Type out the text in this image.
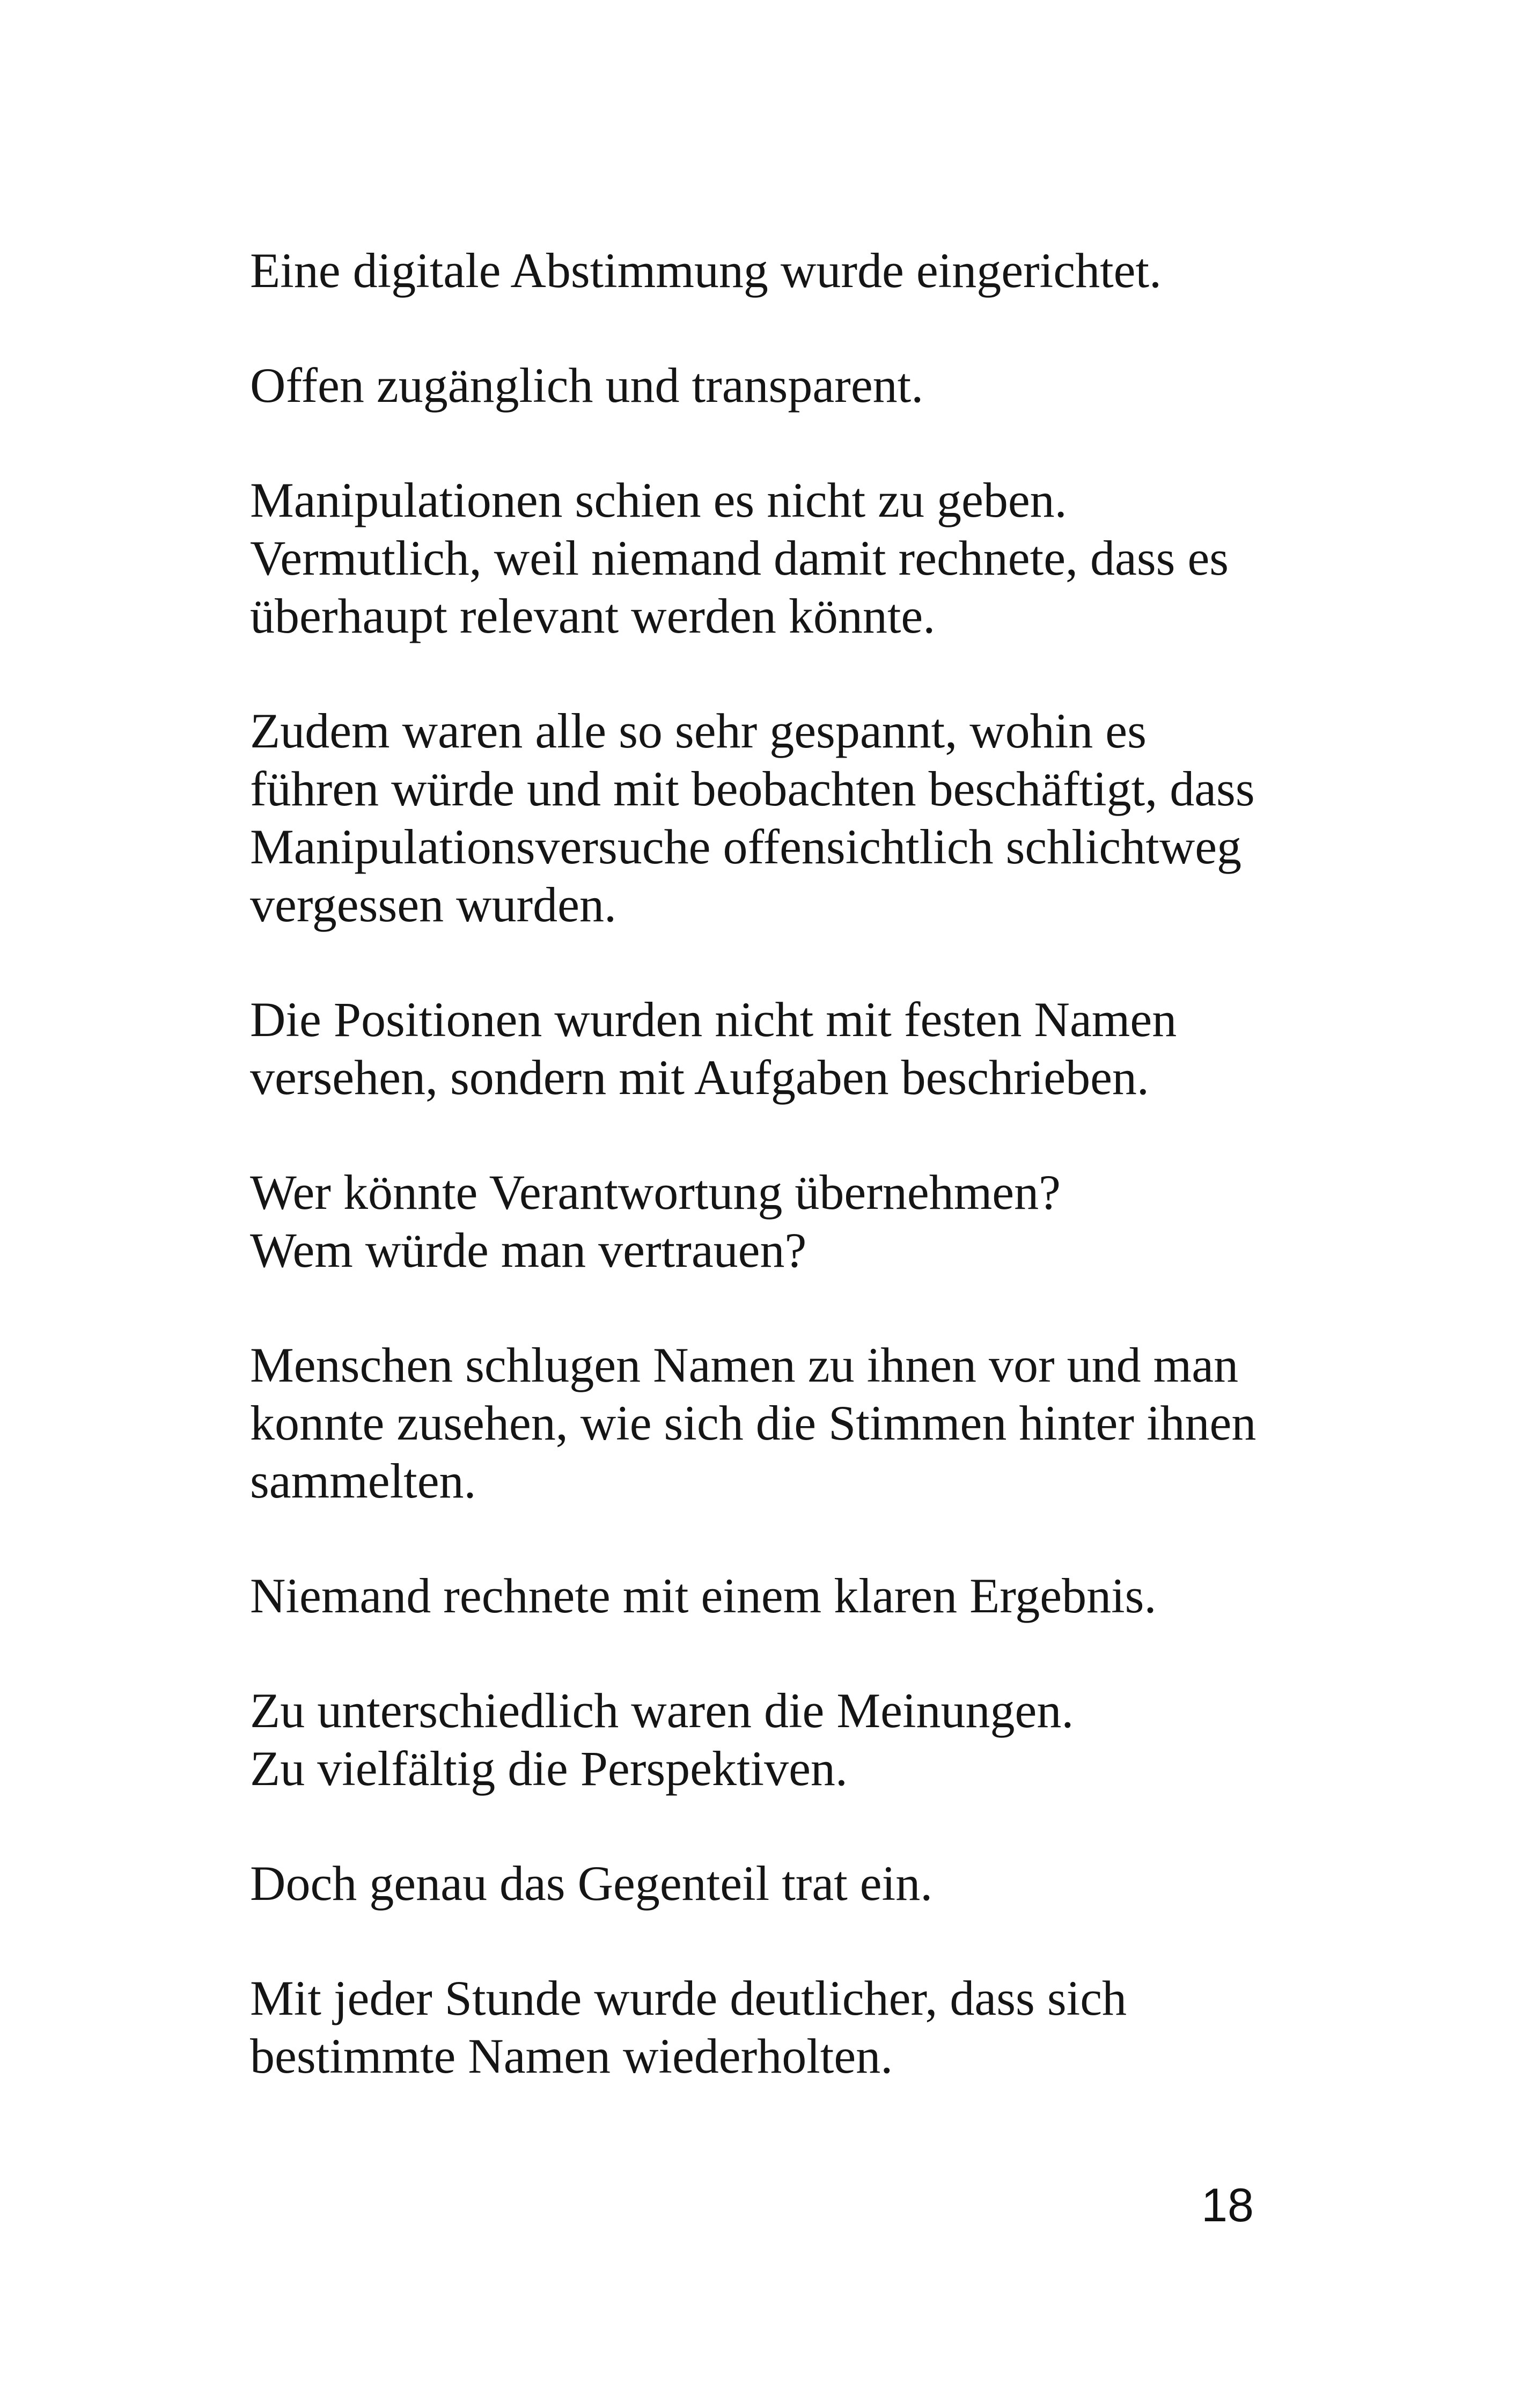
Eine digitale Abstimmung wurde eingerichtet.

Offen zugänglich und transparent.

Manipulationen schien es nicht zu geben.
Vermutlich, weil niemand damit rechnete, dass es
überhaupt relevant werden könnte.

Zudem waren alle so sehr gespannt, wohin es
führen würde und mit beobachten beschäftigt, dass
Manipulationsversuche offensichtlich schlichtweg
vergessen wurden.

Die Positionen wurden nicht mit festen Namen
versehen, sondern mit Aufgaben beschrieben.

Wer könnte Verantwortung übernehmen?
Wem würde man vertrauen?

Menschen schlugen Namen zu ihnen vor und man
konnte zusehen, wie sich die Stimmen hinter ihnen
sammelten.

Niemand rechnete mit einem klaren Ergebnis.

Zu unterschiedlich waren die Meinungen.
Zu vielfältig die Perspektiven.

Doch genau das Gegenteil trat ein.

Mit jeder Stunde wurde deutlicher, dass sich
bestimmte Namen wiederholten.

18
